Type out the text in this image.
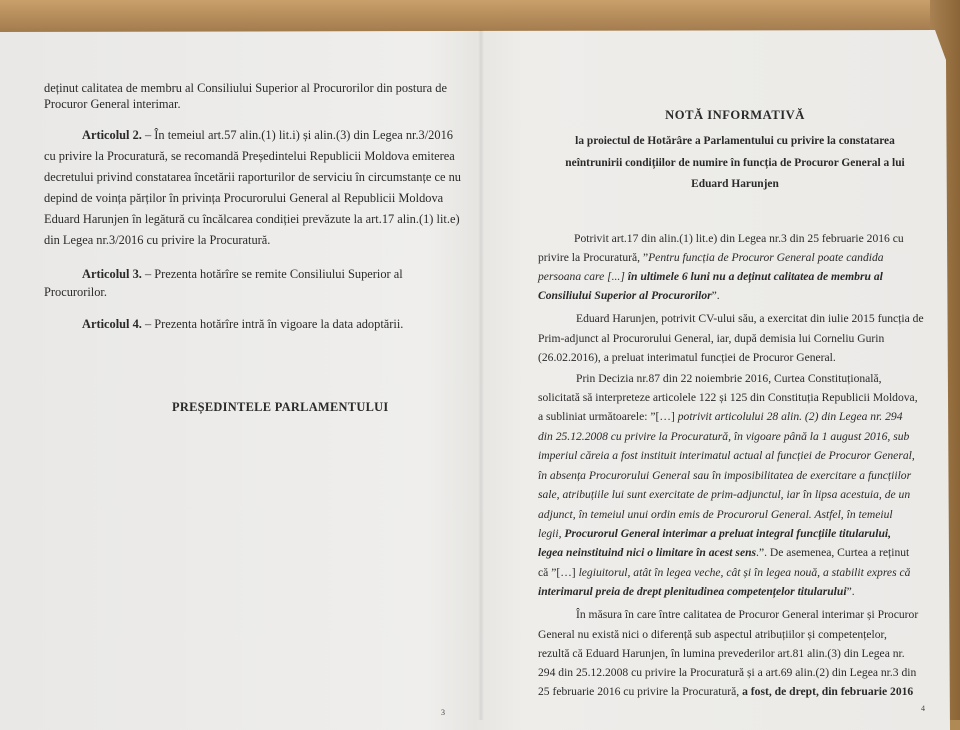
deținut calitatea de membru al Consiliului Superior al Procurorilor din postura de
Procuror General interimar.
Articolul 2. – În temeiul art.57 alin.(1) lit.i) și alin.(3) din Legea nr.3/2016
cu privire la Procuratură, se recomandă Președintelui Republicii Moldova emiterea
decretului privind constatarea încetării raporturilor de serviciu în circumstanțe ce nu
depind de voința părților în privința Procurorului General al Republicii Moldova
Eduard Harunjen în legătură cu încălcarea condiției prevăzute la art.17 alin.(1) lit.e)
din Legea nr.3/2016 cu privire la Procuratură.
Articolul 3. – Prezenta hotărîre se remite Consiliului Superior al
Procurorilor.
Articolul 4. – Prezenta hotărîre intră în vigoare la data adoptării.
PREȘEDINTELE PARLAMENTULUI
3
NOTĂ INFORMATIVĂ
la proiectul de Hotărâre a Parlamentului cu privire la constatarea
neîntrunirii condițiilor de numire în funcția de Procuror General a lui
Eduard Harunjen
Potrivit art.17 din alin.(1) lit.e) din Legea nr.3 din 25 februarie 2016 cu
privire la Procuratură, ”Pentru funcția de Procuror General poate candida
persoana care [...] în ultimele 6 luni nu a deținut calitatea de membru al
Consiliului Superior al Procurorilor”.
Eduard Harunjen, potrivit CV-ului său, a exercitat din iulie 2015 funcția de
Prim-adjunct al Procurorului General, iar, după demisia lui Corneliu Gurin
(26.02.2016), a preluat interimatul funcției de Procuror General.
Prin Decizia nr.87 din 22 noiembrie 2016, Curtea Constituțională,
solicitată să interpreteze articolele 122 și 125 din Constituția Republicii Moldova,
a subliniat următoarele: ”[…] potrivit articolului 28 alin. (2) din Legea nr. 294
din 25.12.2008 cu privire la Procuratură, în vigoare până la 1 august 2016, sub
imperiul căreia a fost instituit interimatul actual al funcției de Procuror General,
în absența Procurorului General sau în imposibilitatea de exercitare a funcțiilor
sale, atribuțiile lui sunt exercitate de prim-adjunctul, iar în lipsa acestuia, de un
adjunct, în temeiul unui ordin emis de Procurorul General. Astfel, în temeiul
legii, Procurorul General interimar a preluat integral funcțiile titularului,
legea neinstituind nici o limitare în acest sens.”. De asemenea, Curtea a reținut
că ”[…] legiuitorul, atât în legea veche, cât și în legea nouă, a stabilit expres că
interimarul preia de drept plenitudinea competențelor titularului”.
În măsura în care între calitatea de Procuror General interimar și Procuror
General nu există nici o diferență sub aspectul atribuțiilor și competențelor,
rezultă că Eduard Harunjen, în lumina prevederilor art.81 alin.(3) din Legea nr.
294 din 25.12.2008 cu privire la Procuratură și a art.69 alin.(2) din Legea nr.3 din
25 februarie 2016 cu privire la Procuratură, a fost, de drept, din februarie 2016
4
